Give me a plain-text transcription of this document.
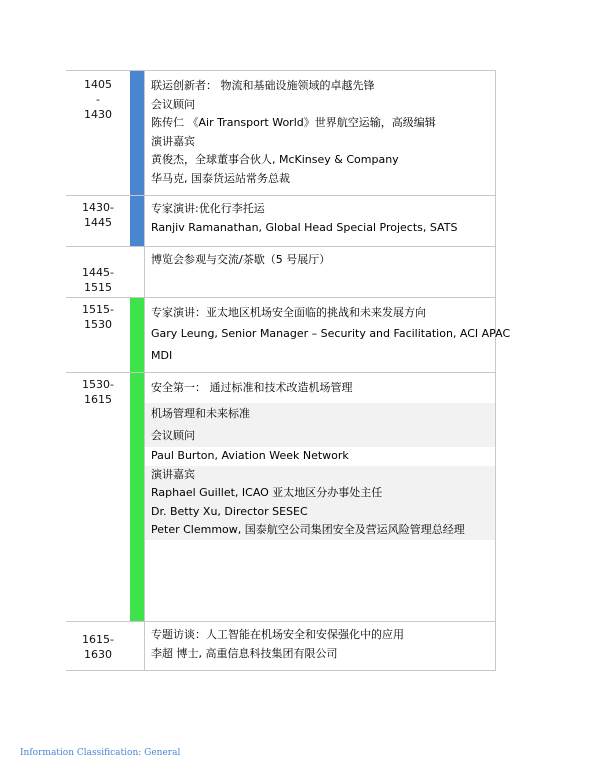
1405
-
1430
联运创新者： 物流和基础设施领域的卓越先锋
会议顾问
陈传仁 《Air Transport World》世界航空运输，高级编辑
演讲嘉宾
黄俊杰，全球董事合伙人, McKinsey & Company
华马克, 国泰货运站常务总裁
1430-
1445
专家演讲:优化行李托运
Ranjiv Ramanathan, Global Head Special Projects, SATS
1445-
1515
博览会参观与交流/茶歇（5 号展厅）
1515-
1530
专家演讲：亚太地区机场安全面临的挑战和未来发展方向
Gary Leung, Senior Manager – Security and Facilitation, ACI APAC
MDI
1530-
1615
安全第一： 通过标准和技术改造机场管理
机场管理和未来标准
会议顾问
Paul Burton, Aviation Week Network
演讲嘉宾
Raphael Guillet, ICAO 亚太地区分办事处主任
Dr. Betty Xu, Director SESEC
Peter Clemmow, 国泰航空公司集团安全及营运风险管理总经理
1615-
1630
专题访谈：人工智能在机场安全和安保强化中的应用
李超 博士, 高重信息科技集团有限公司
Information Classification: General
